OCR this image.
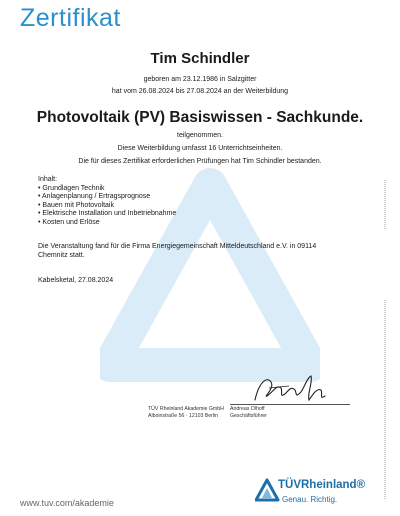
Zertifikat
Tim Schindler
geboren am 23.12.1986 in Salzgitter
hat vom 26.08.2024 bis 27.08.2024 an der Weiterbildung
Photovoltaik (PV) Basiswissen - Sachkunde.
teilgenommen.
Diese Weiterbildung umfasst 16 Unterrichtseinheiten.
Die für dieses Zertifikat erforderlichen Prüfungen hat Tim Schindler bestanden.
Inhalt:
• Grundlagen Technik
• Anlagenplanung / Ertragsprognose
• Bauen mit Photovoltaik
• Elektrische Installation und Inbetriebnahme
• Kosten und Erlöse
Die Veranstaltung fand für die Firma Energiegemeinschaft Mitteldeutschland e.V. in 09114
Chemnitz statt.
Kabelsketal, 27.08.2024
TÜV Rheinland Akademie GmbH
Alboinstraße 56 · 12103 Berlin
Andreas Olhoff
Geschäftsführer
www.tuv.com/akademie
TÜVRheinland®
Genau. Richtig.
